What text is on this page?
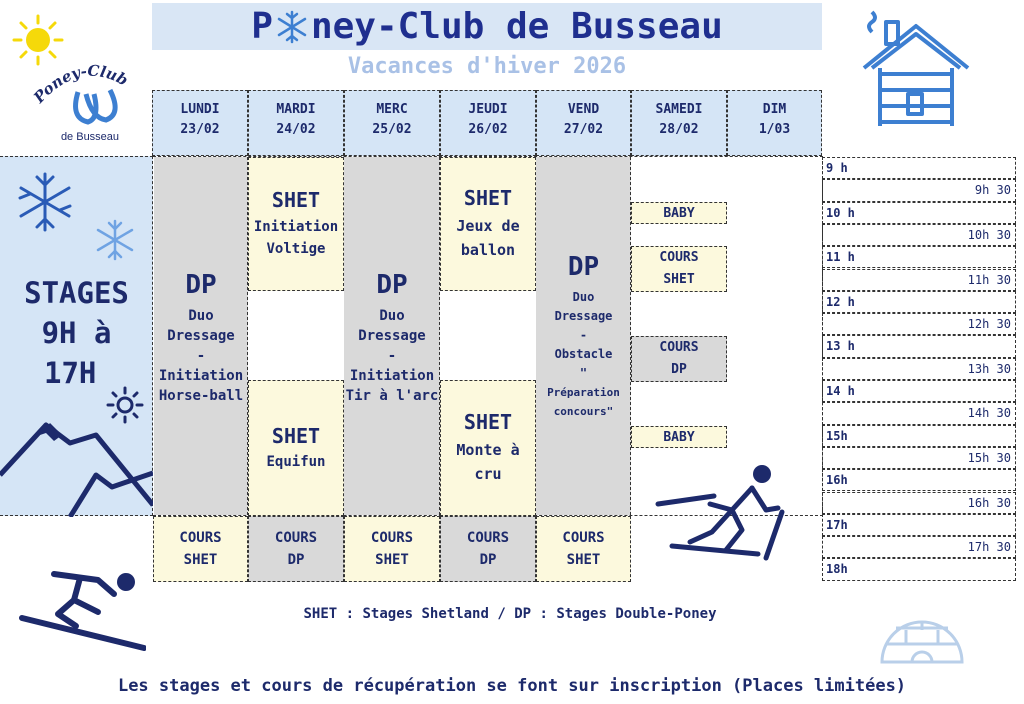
Poney-Club
de Busseau
P ney-Club de Busseau
Vacances d'hiver 2026
LUNDI
23/02
MARDI
24/02
MERC
25/02
JEUDI
26/02
VEND
27/02
SAMEDI
28/02
DIM
1/03
STAGES
9H à
17H
DP
Duo
Dressage
-
Initiation
Horse-ball
SHET
Initiation
Voltige
SHET
Equifun
DP
Duo
Dressage
-
Initiation
Tir à l'arc
SHET
Jeux de
ballon
SHET
Monte à
cru
DP
Duo
Dressage
-
Obstacle
"
Préparation
concours"
BABY
COURS
SHET
COURS
DP
BABY
COURS
SHET
COURS
DP
COURS
SHET
COURS
DP
COURS
SHET
9 h
9h 30
10 h
10h 30
11 h
11h 30
12 h
12h 30
13 h
13h 30
14 h
14h 30
15h
15h 30
16h
16h 30
17h
17h 30
18h
SHET : Stages Shetland / DP : Stages Double-Poney
Les stages et cours de récupération se font sur inscription (Places limitées)
